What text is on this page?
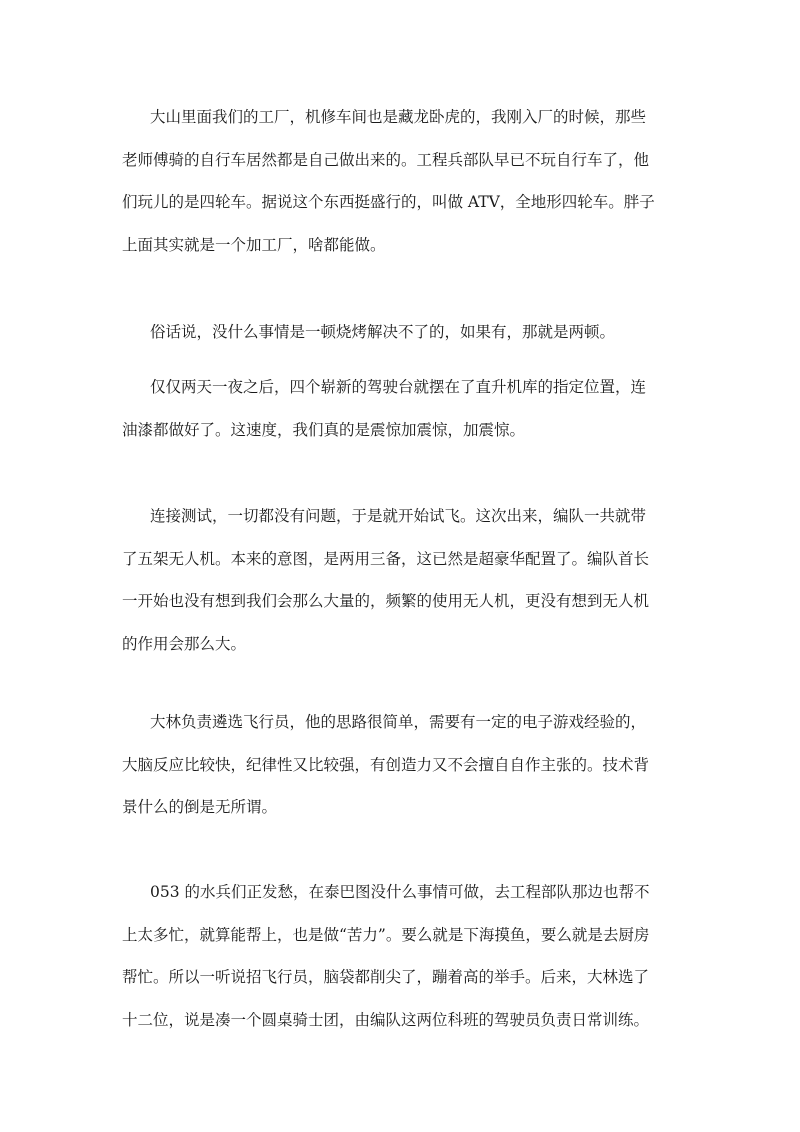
大山里面我们的工厂，机修车间也是藏龙卧虎的，我刚入厂的时候，那些
老师傅骑的自行车居然都是自己做出来的。工程兵部队早已不玩自行车了，他
们玩儿的是四轮车。据说这个东西挺盛行的，叫做 ATV，全地形四轮车。胖子
上面其实就是一个加工厂，啥都能做。

俗话说，没什么事情是一顿烧烤解决不了的，如果有，那就是两顿。

仅仅两天一夜之后，四个崭新的驾驶台就摆在了直升机库的指定位置，连
油漆都做好了。这速度，我们真的是震惊加震惊，加震惊。

连接测试，一切都没有问题，于是就开始试飞。这次出来，编队一共就带
了五架无人机。本来的意图，是两用三备，这已然是超豪华配置了。编队首长
一开始也没有想到我们会那么大量的，频繁的使用无人机，更没有想到无人机
的作用会那么大。

大林负责遴选飞行员，他的思路很简单，需要有一定的电子游戏经验的，
大脑反应比较快，纪律性又比较强，有创造力又不会擅自自作主张的。技术背
景什么的倒是无所谓。

053 的水兵们正发愁，在泰巴图没什么事情可做，去工程部队那边也帮不
上太多忙，就算能帮上，也是做“苦力”。要么就是下海摸鱼，要么就是去厨房
帮忙。所以一听说招飞行员，脑袋都削尖了，蹦着高的举手。后来，大林选了
十二位，说是凑一个圆桌骑士团，由编队这两位科班的驾驶员负责日常训练。
